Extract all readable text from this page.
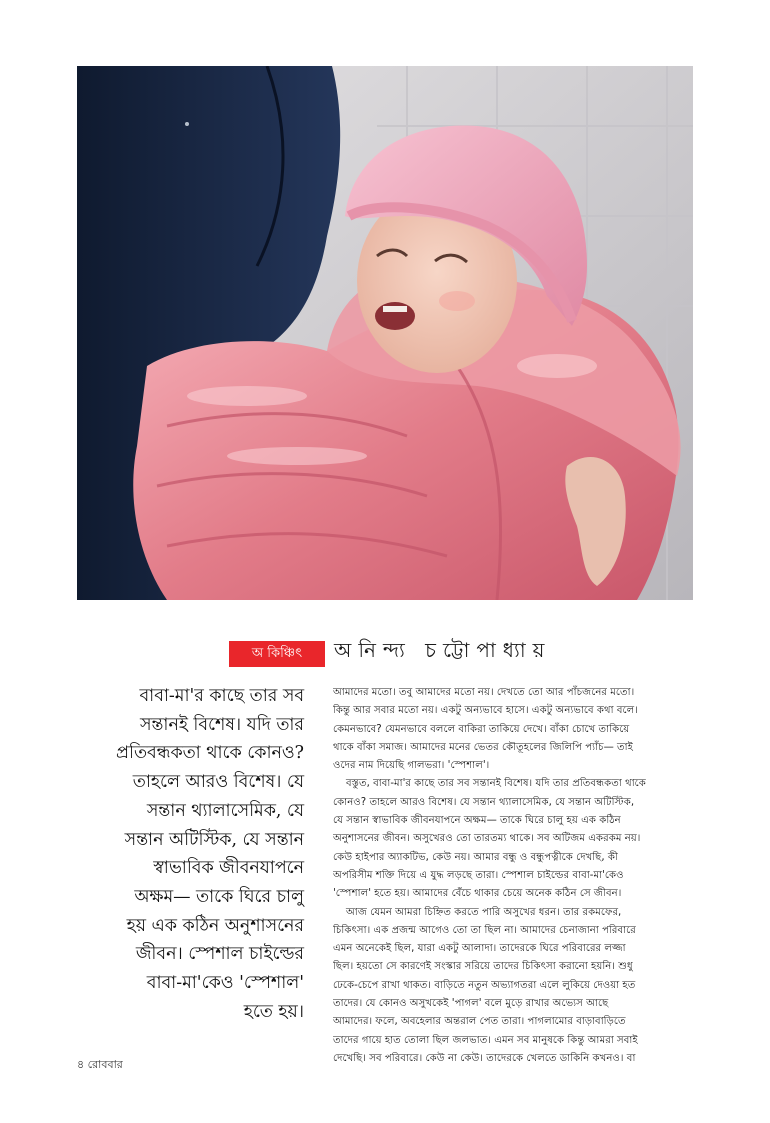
অ কিঞ্চিৎ	অনিন্দ্য চট্টোপাধ্যায়
বাবা-মা'র কাছে তার সব
সন্তানই বিশেষ। যদি তার
প্রতিবন্ধকতা থাকে কোনও?
তাহলে আরও বিশেষ। যে
সন্তান থ্যালাসেমিক, যে
সন্তান অটিস্টিক, যে সন্তান
স্বাভাবিক জীবনযাপনে
অক্ষম— তাকে ঘিরে চালু
হয় এক কঠিন অনুশাসনের
জীবন। স্পেশাল চাইল্ডের
বাবা-মা'কেও 'স্পেশাল'
হতে হয়।
আমাদের মতো। তবু আমাদের মতো নয়। দেখতে তো আর পাঁচজনের মতো।
কিন্তু আর সবার মতো নয়। একটু অন্যভাবে হাসে। একটু অন্যভাবে কথা বলে।
কেমনভাবে? যেমনভাবে বললে বাকিরা তাকিয়ে দেখে। বাঁকা চোখে তাকিয়ে
থাকে বাঁকা সমাজ। আমাদের মনের ভেতর কৌতূহলের জিলিপি প্যাঁচ— তাই
ওদের নাম দিয়েছি গালভরা। 'স্পেশাল'।
বস্তুত, বাবা-মা'র কাছে তার সব সন্তানই বিশেষ। যদি তার প্রতিবন্ধকতা থাকে
কোনও? তাহলে আরও বিশেষ। যে সন্তান থ্যালাসেমিক, যে সন্তান অটিস্টিক,
যে সন্তান স্বাভাবিক জীবনযাপনে অক্ষম— তাকে ঘিরে চালু হয় এক কঠিন
অনুশাসনের জীবন। অসুখেরও তো তারতম্য থাকে। সব অটিজম একরকম নয়।
কেউ হাইপার অ্যাকটিভ, কেউ নয়। আমার বন্ধু ও বন্ধুপত্নীকে দেখছি, কী
অপরিসীম শক্তি দিয়ে এ যুদ্ধ লড়ছে তারা। স্পেশাল চাইল্ডের বাবা-মা'কেও
'স্পেশাল' হতে হয়। আমাদের বেঁচে থাকার চেয়ে অনেক কঠিন সে জীবন।
আজ যেমন আমরা চিহ্নিত করতে পারি অসুখের ধরন। তার রকমফের,
চিকিৎসা। এক প্রজন্ম আগেও তো তা ছিল না। আমাদের চেনাজানা পরিবারে
এমন অনেকেই ছিল, যারা একটু আলাদা। তাদেরকে ঘিরে পরিবারের লজ্জা
ছিল। হয়তো সে কারণেই সংস্কার সরিয়ে তাদের চিকিৎসা করানো হয়নি। শুধু
ঢেকে-চেপে রাখা থাকত। বাড়িতে নতুন অভ্যাগতরা এলে লুকিয়ে দেওয়া হত
তাদের। যে কোনও অসুখকেই 'পাগল' বলে মুড়ে রাখার অভ্যেস আছে
আমাদের। ফলে, অবহেলার অন্তরাল পেত তারা। পাগলামোর বাড়াবাড়িতে
তাদের গায়ে হাত তোলা ছিল জলভাত। এমন সব মানুষকে কিন্তু আমরা সবাই
দেখেছি। সব পরিবারে। কেউ না কেউ। তাদেরকে খেলতে ডাকিনি কখনও। বা
৪ রোববার
